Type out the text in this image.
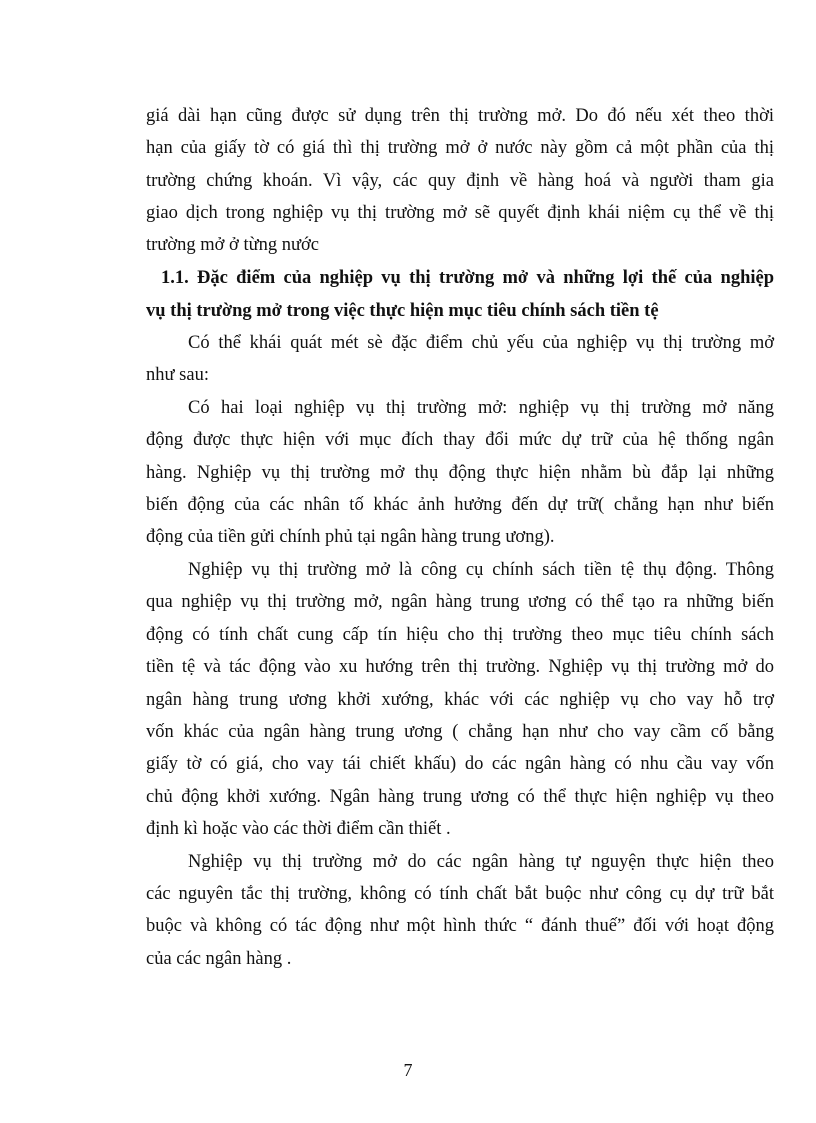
giá dài hạn cũng được sử dụng trên thị trường mở. Do đó nếu xét theo thời
hạn của giấy tờ có giá thì thị trường mở ở nước này gồm cả một phần của thị
trường chứng khoán. Vì vậy, các quy định về hàng hoá và người tham gia
giao dịch trong nghiệp vụ thị trường mở sẽ quyết định khái niệm cụ thể về thị
trường mở ở từng nước
1.1. Đặc điểm của nghiệp vụ thị trường mở và những lợi thế của nghiệp
vụ thị trường mở trong việc thực hiện mục tiêu chính sách tiền tệ
Có thể khái quát mét sè đặc điểm chủ yếu của nghiệp vụ thị trường mở
như sau:
Có hai loại nghiệp vụ thị trường mở: nghiệp vụ thị trường mở năng
động được thực hiện với mục đích thay đổi mức dự trữ của hệ thống ngân
hàng. Nghiệp vụ thị trường mở thụ động thực hiện nhằm bù đắp lại những
biến động của các nhân tố khác ảnh hưởng đến dự trữ( chẳng hạn như biến
động của tiền gửi chính phủ tại ngân hàng trung ương).
Nghiệp vụ thị trường mở là công cụ chính sách tiền tệ thụ động. Thông
qua nghiệp vụ thị trường mở, ngân hàng trung ương có thể tạo ra những biến
động có tính chất cung cấp tín hiệu cho thị trường theo mục tiêu chính sách
tiền tệ và tác động vào xu hướng trên thị trường. Nghiệp vụ thị trường mở do
ngân hàng trung ương khởi xướng, khác với các nghiệp vụ cho vay hỗ trợ
vốn khác của ngân hàng trung ương ( chẳng hạn như cho vay cầm cố bằng
giấy tờ có giá, cho vay tái chiết khấu) do các ngân hàng có nhu cầu vay vốn
chủ động khởi xướng. Ngân hàng trung ương có thể thực hiện nghiệp vụ theo
định kì hoặc vào các thời điểm cần thiết .
Nghiệp vụ thị trường mở do các ngân hàng tự nguyện thực hiện theo
các nguyên tắc thị trường, không có tính chất bắt buộc như công cụ dự trữ bắt
buộc và không có tác động như một hình thức “ đánh thuế” đối với hoạt động
của các ngân hàng .
7
